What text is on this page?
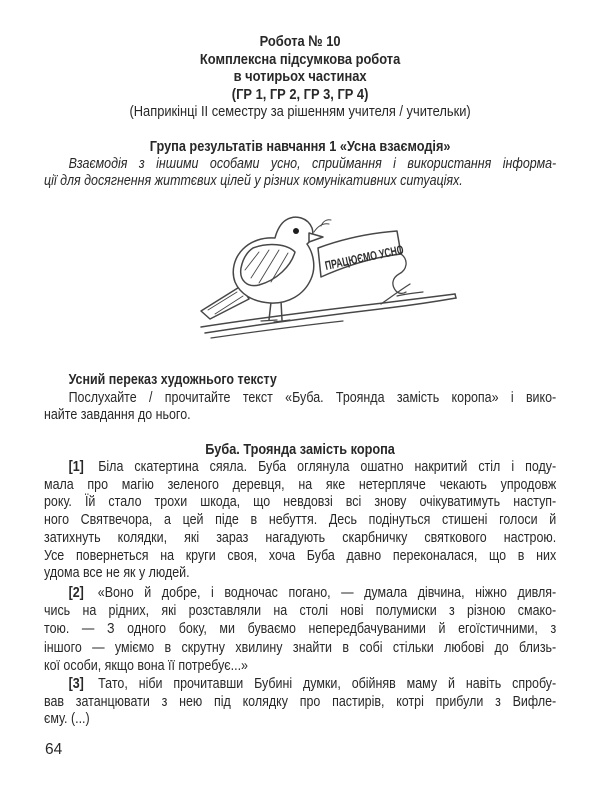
Робота № 10
Комплексна підсумкова робота
в чотирьох частинах
(ГР 1, ГР 2, ГР 3, ГР 4)
(Наприкінці ІІ семестру за рішенням учителя / учительки)
Група результатів навчання 1 «Усна взаємодія»
Взаємодія з іншими особами усно, сприймання і використання інформа-
ції для досягнення життєвих цілей у різних комунікативних ситуаціях.
Усний переказ художнього тексту
Послухайте / прочитайте текст «Буба. Троянда замість коропа» і вико-
найте завдання до нього.
Буба. Троянда замість коропа
[1] Біла скатертина сяяла. Буба оглянула ошатно накритий стіл і поду-
мала про магію зеленого деревця, на яке нетерпляче чекають упродовж
року. Їй стало трохи шкода, що невдовзі всі знову очікуватимуть наступ-
ного Святвечора, а цей піде в небуття. Десь подінуться стишені голоси й
затихнуть колядки, які зараз нагадують скарбничку святкового настрою.
Усе повернеться на круги своя, хоча Буба давно переконалася, що в них
удома все не як у людей.
[2] «Воно й добре, і водночас погано, — думала дівчина, ніжно дивля-
чись на рідних, які розставляли на столі нові полумиски з різною смако-
тою. — З одного боку, ми буваємо непередбачуваними й егоїстичними, з
іншого — уміємо в скрутну хвилину знайти в собі стільки любові до близь-
кої особи, якщо вона її потребує...»
[3] Тато, ніби прочитавши Бубині думки, обійняв маму й навіть спробу-
вав затанцювати з нею під колядку про пастирів, котрі прибули з Вифле-
єму. (...)
ПРАЦЮЄМО УСНО
64
